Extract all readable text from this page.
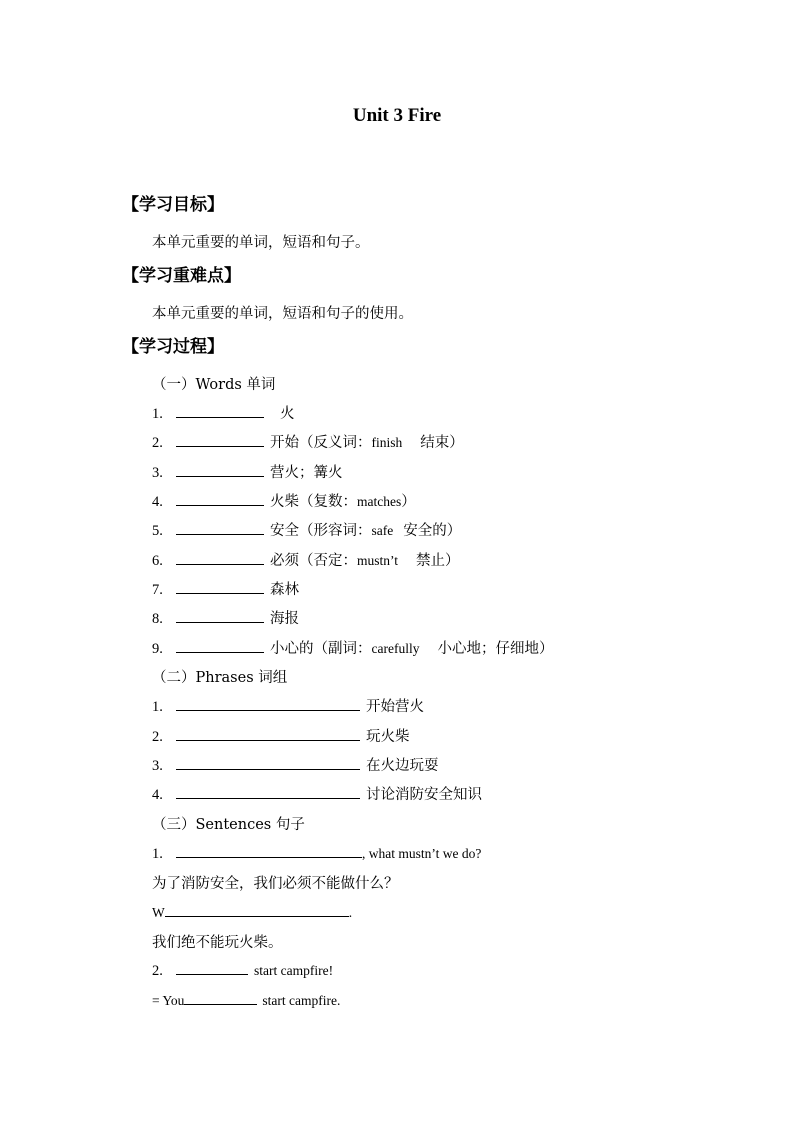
Unit 3 Fire
【学习目标】
本单元重要的单词，短语和句子。
【学习重难点】
本单元重要的单词，短语和句子的使用。
【学习过程】
（一）Words 单词
1.	火
2.	开始（反义词： finish 结束）
3.	营火；篝火
4.	火柴（复数： matches ）
5.	安全（形容词： safe 安全的）
6.	必须（否定： mustn’t 禁止）
7.	森林
8.	海报
9.	小心的（副词： carefully 小心地；仔细地）
（二）Phrases 词组
1.	开始营火
2.	玩火柴
3.	在火边玩耍
4.	讨论消防安全知识
（三）Sentences 句子
1.	, what mustn’t we do?
为了消防安全，我们必须不能做什么？
W	.
我们绝不能玩火柴。
2.	start campfire!
= You	start campfire.
